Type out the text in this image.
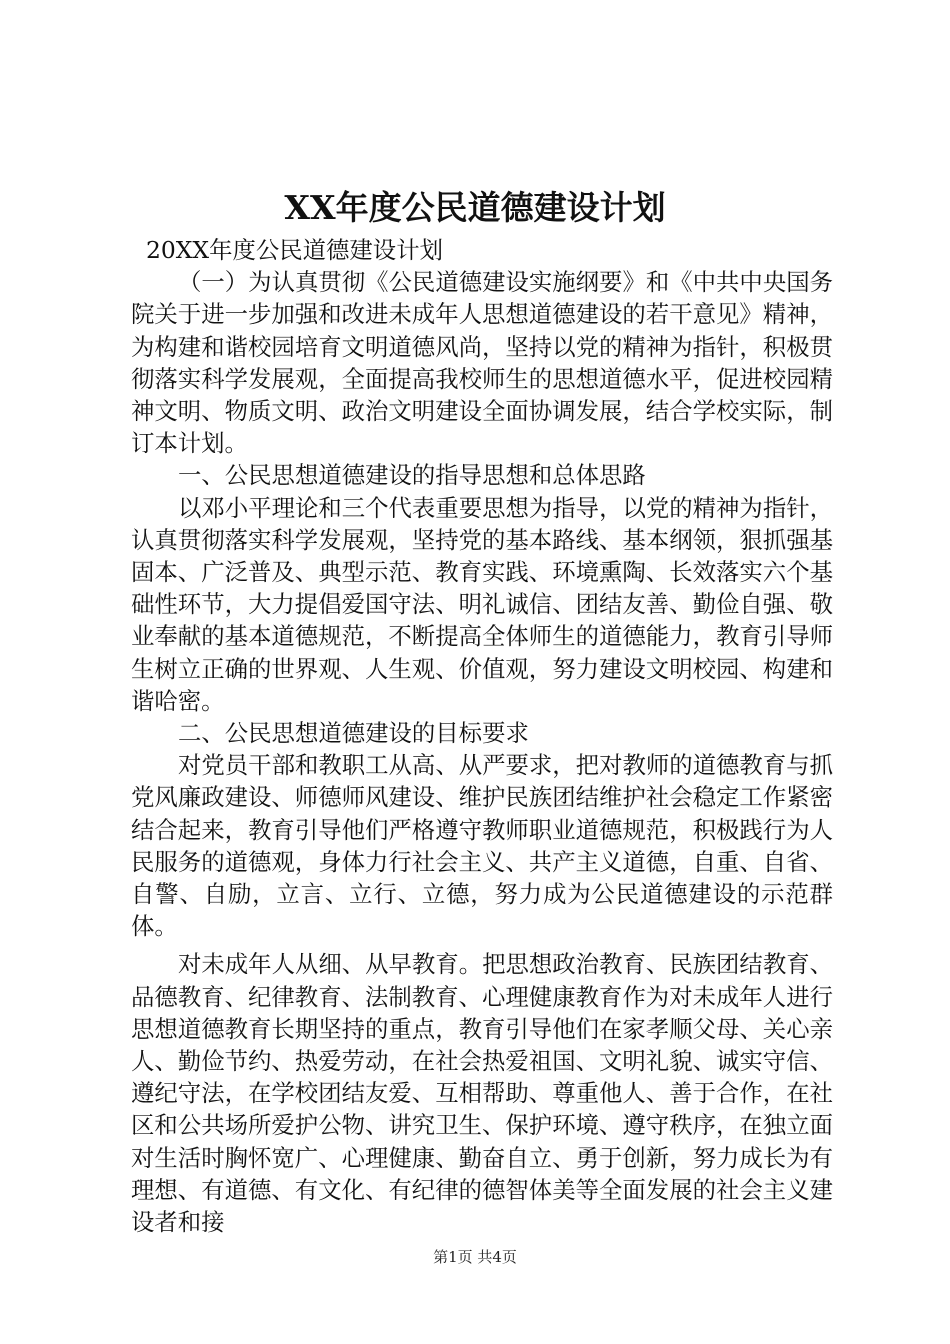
XX年度公民道德建设计划

20XX年度公民道德建设计划

（一）为认真贯彻《公民道德建设实施纲要》和《中共中央国务院关于进一步加强和改进未成年人思想道德建设的若干意见》精神，为构建和谐校园培育文明道德风尚，坚持以党的精神为指针，积极贯彻落实科学发展观，全面提高我校师生的思想道德水平，促进校园精神文明、物质文明、政治文明建设全面协调发展，结合学校实际，制订本计划。

一、公民思想道德建设的指导思想和总体思路

以邓小平理论和三个代表重要思想为指导，以党的精神为指针，认真贯彻落实科学发展观，坚持党的基本路线、基本纲领，狠抓强基固本、广泛普及、典型示范、教育实践、环境熏陶、长效落实六个基础性环节，大力提倡爱国守法、明礼诚信、团结友善、勤俭自强、敬业奉献的基本道德规范，不断提高全体师生的道德能力，教育引导师生树立正确的世界观、人生观、价值观，努力建设文明校园、构建和谐哈密。

二、公民思想道德建设的目标要求

对党员干部和教职工从高、从严要求，把对教师的道德教育与抓党风廉政建设、师德师风建设、维护民族团结维护社会稳定工作紧密结合起来，教育引导他们严格遵守教师职业道德规范，积极践行为人民服务的道德观，身体力行社会主义、共产主义道德，自重、自省、自警、自励，立言、立行、立德，努力成为公民道德建设的示范群体。

对未成年人从细、从早教育。把思想政治教育、民族团结教育、品德教育、纪律教育、法制教育、心理健康教育作为对未成年人进行思想道德教育长期坚持的重点，教育引导他们在家孝顺父母、关心亲人、勤俭节约、热爱劳动，在社会热爱祖国、文明礼貌、诚实守信、遵纪守法，在学校团结友爱、互相帮助、尊重他人、善于合作，在社区和公共场所爱护公物、讲究卫生、保护环境、遵守秩序，在独立面对生活时胸怀宽广、心理健康、勤奋自立、勇于创新，努力成长为有理想、有道德、有文化、有纪律的德智体美等全面发展的社会主义建设者和接

第1页 共4页
